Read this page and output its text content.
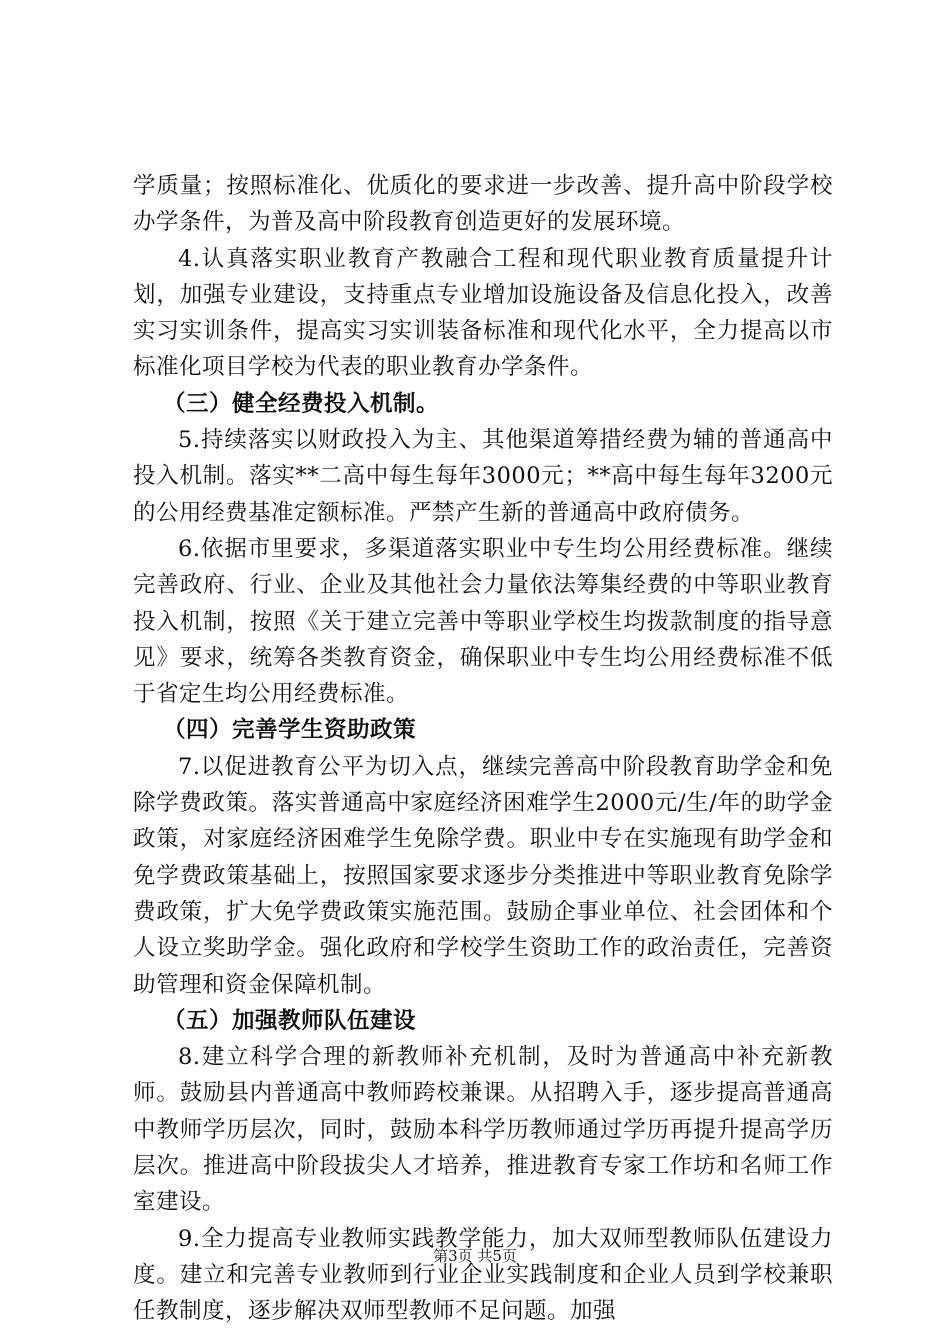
学质量；按照标准化、优质化的要求进一步改善、提升高中阶段学校办学条件，为普及高中阶段教育创造更好的发展环境。

4.认真落实职业教育产教融合工程和现代职业教育质量提升计划，加强专业建设，支持重点专业增加设施设备及信息化投入，改善实习实训条件，提高实习实训装备标准和现代化水平，全力提高以市标准化项目学校为代表的职业教育办学条件。

（三）健全经费投入机制。

5.持续落实以财政投入为主、其他渠道筹措经费为辅的普通高中投入机制。落实**二高中每生每年3000元；**高中每生每年3200元的公用经费基准定额标准。严禁产生新的普通高中政府债务。

6.依据市里要求，多渠道落实职业中专生均公用经费标准。继续完善政府、行业、企业及其他社会力量依法筹集经费的中等职业教育投入机制，按照《关于建立完善中等职业学校生均拨款制度的指导意见》要求，统筹各类教育资金，确保职业中专生均公用经费标准不低于省定生均公用经费标准。

（四）完善学生资助政策

7.以促进教育公平为切入点，继续完善高中阶段教育助学金和免除学费政策。落实普通高中家庭经济困难学生2000元/生/年的助学金政策，对家庭经济困难学生免除学费。职业中专在实施现有助学金和免学费政策基础上，按照国家要求逐步分类推进中等职业教育免除学费政策，扩大免学费政策实施范围。鼓励企事业单位、社会团体和个人设立奖助学金。强化政府和学校学生资助工作的政治责任，完善资助管理和资金保障机制。

（五）加强教师队伍建设

8.建立科学合理的新教师补充机制，及时为普通高中补充新教师。鼓励县内普通高中教师跨校兼课。从招聘入手，逐步提高普通高中教师学历层次，同时，鼓励本科学历教师通过学历再提升提高学历层次。推进高中阶段拔尖人才培养，推进教育专家工作坊和名师工作室建设。

9.全力提高专业教师实践教学能力，加大双师型教师队伍建设力度。建立和完善专业教师到行业企业实践制度和企业人员到学校兼职任教制度，逐步解决双师型教师不足问题。加强

第3页 共5页
